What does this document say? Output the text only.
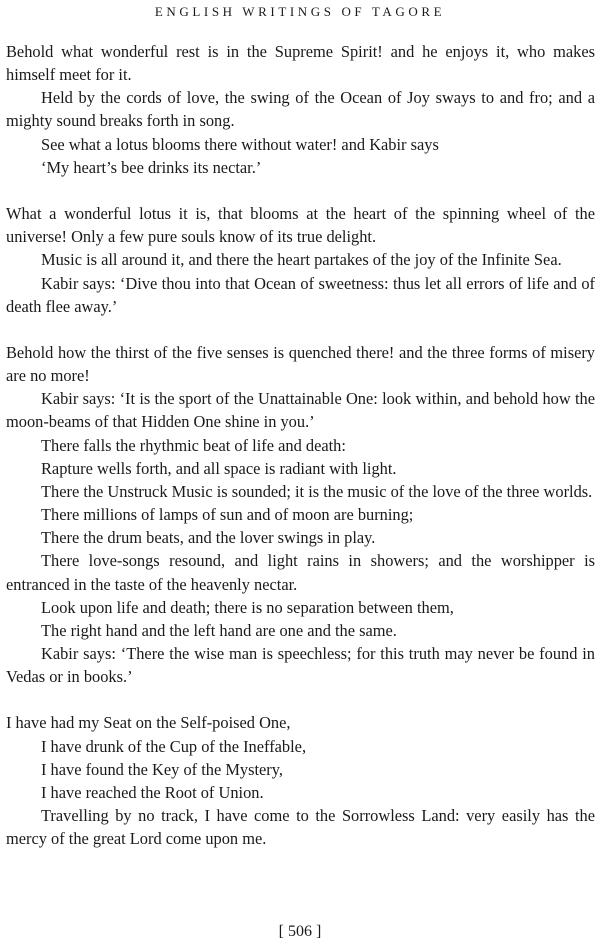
ENGLISH WRITINGS OF TAGORE
Behold what wonderful rest is in the Supreme Spirit! and he enjoys it, who makes himself meet for it.
Held by the cords of love, the swing of the Ocean of Joy sways to and fro; and a mighty sound breaks forth in song.
See what a lotus blooms there without water! and Kabir says
‘My heart’s bee drinks its nectar.’
What a wonderful lotus it is, that blooms at the heart of the spinning wheel of the universe! Only a few pure souls know of its true delight.
Music is all around it, and there the heart partakes of the joy of the Infinite Sea.
Kabir says: ‘Dive thou into that Ocean of sweetness: thus let all errors of life and of death flee away.’
Behold how the thirst of the five senses is quenched there! and the three forms of misery are no more!
Kabir says: ‘It is the sport of the Unattainable One: look within, and behold how the moon-beams of that Hidden One shine in you.’
There falls the rhythmic beat of life and death:
Rapture wells forth, and all space is radiant with light.
There the Unstruck Music is sounded; it is the music of the love of the three worlds.
There millions of lamps of sun and of moon are burning;
There the drum beats, and the lover swings in play.
There love-songs resound, and light rains in showers; and the worshipper is entranced in the taste of the heavenly nectar.
Look upon life and death; there is no separation between them,
The right hand and the left hand are one and the same.
Kabir says: ‘There the wise man is speechless; for this truth may never be found in Vedas or in books.’
I have had my Seat on the Self-poised One,
I have drunk of the Cup of the Ineffable,
I have found the Key of the Mystery,
I have reached the Root of Union.
Travelling by no track, I have come to the Sorrowless Land: very easily has the mercy of the great Lord come upon me.
[ 506 ]
